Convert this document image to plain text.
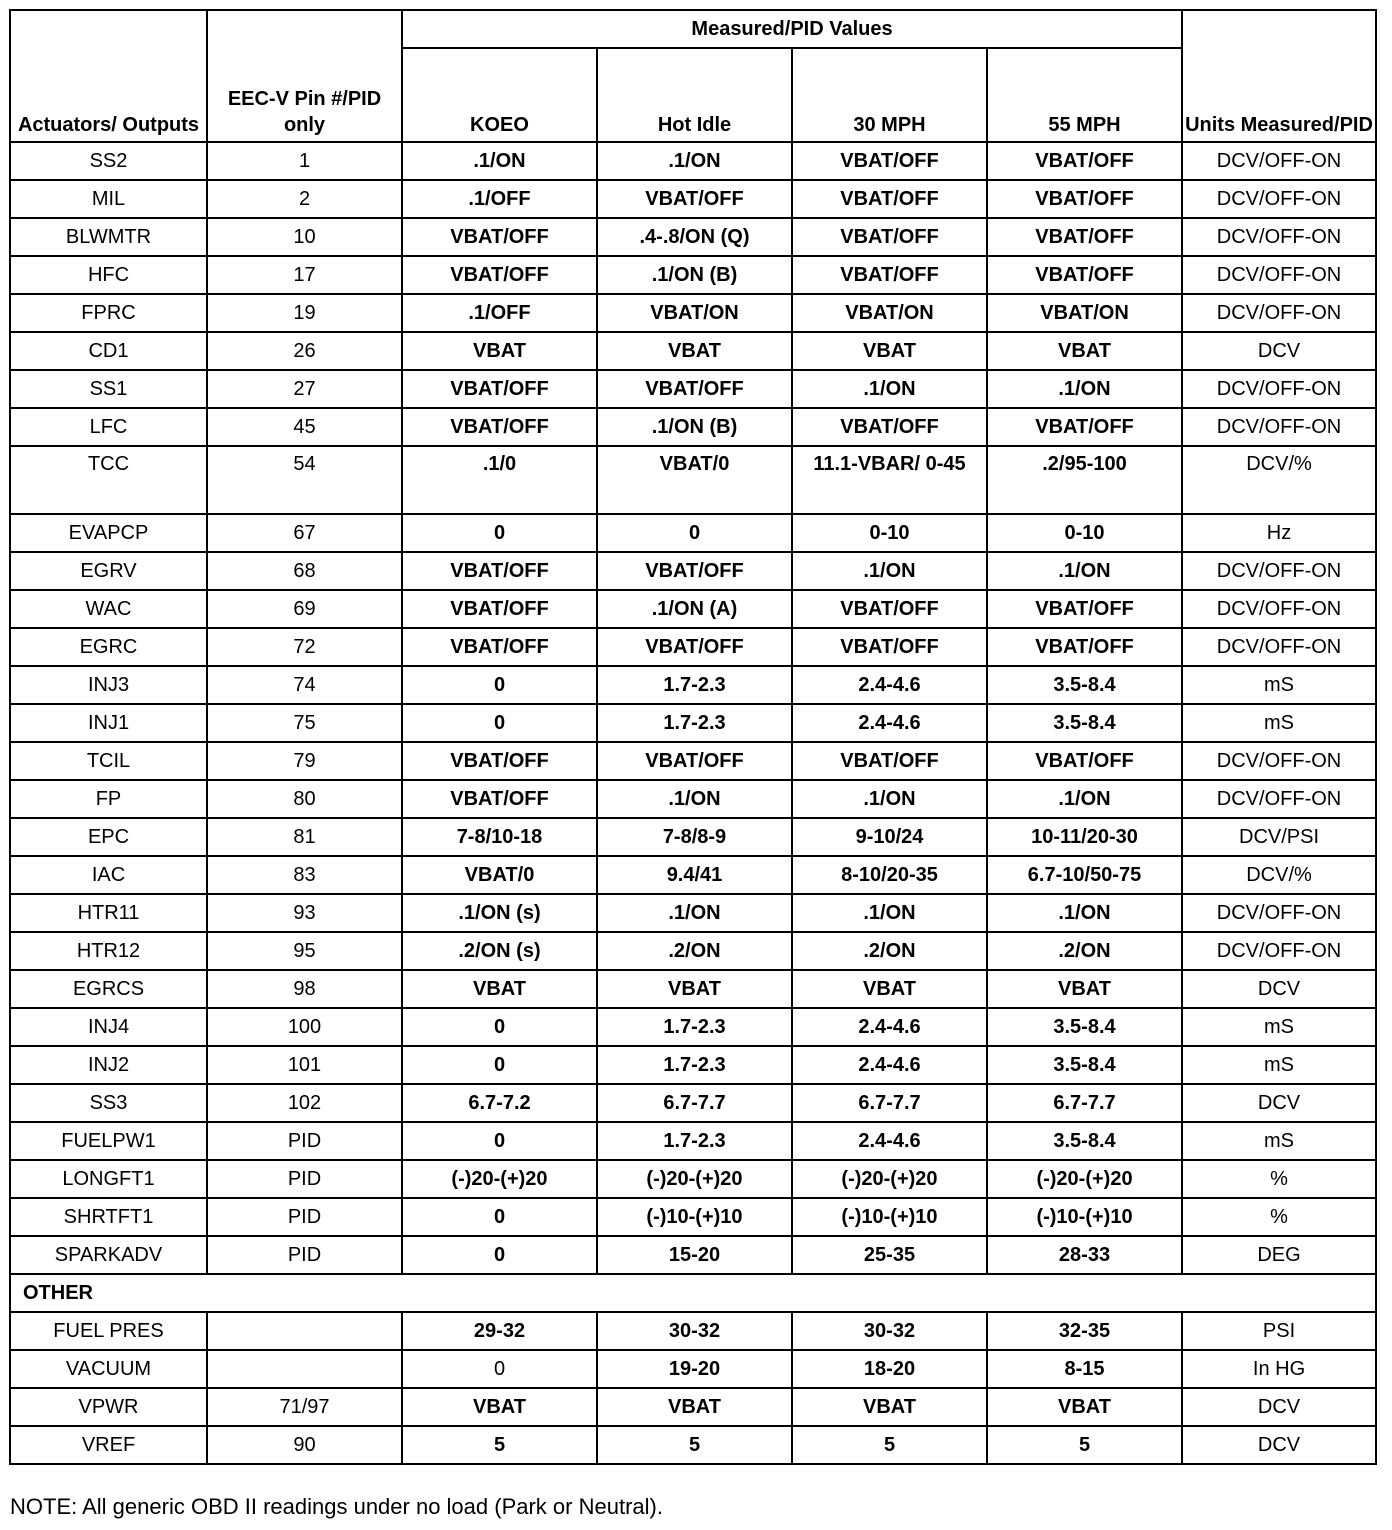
Actuators/ Outputs	EEC-V Pin #/PID only	Measured/PID Values				Units Measured/PID
		KOEO	Hot Idle	30 MPH	55 MPH	
SS2	1	.1/ON	.1/ON	VBAT/OFF	VBAT/OFF	DCV/OFF-ON
MIL	2	.1/OFF	VBAT/OFF	VBAT/OFF	VBAT/OFF	DCV/OFF-ON
BLWMTR	10	VBAT/OFF	.4-.8/ON (Q)	VBAT/OFF	VBAT/OFF	DCV/OFF-ON
HFC	17	VBAT/OFF	.1/ON (B)	VBAT/OFF	VBAT/OFF	DCV/OFF-ON
FPRC	19	.1/OFF	VBAT/ON	VBAT/ON	VBAT/ON	DCV/OFF-ON
CD1	26	VBAT	VBAT	VBAT	VBAT	DCV
SS1	27	VBAT/OFF	VBAT/OFF	.1/ON	.1/ON	DCV/OFF-ON
LFC	45	VBAT/OFF	.1/ON (B)	VBAT/OFF	VBAT/OFF	DCV/OFF-ON
TCC	54	.1/0	VBAT/0	11.1-VBAR/ 0-45	.2/95-100	DCV/%
EVAPCP	67	0	0	0-10	0-10	Hz
EGRV	68	VBAT/OFF	VBAT/OFF	.1/ON	.1/ON	DCV/OFF-ON
WAC	69	VBAT/OFF	.1/ON (A)	VBAT/OFF	VBAT/OFF	DCV/OFF-ON
EGRC	72	VBAT/OFF	VBAT/OFF	VBAT/OFF	VBAT/OFF	DCV/OFF-ON
INJ3	74	0	1.7-2.3	2.4-4.6	3.5-8.4	mS
INJ1	75	0	1.7-2.3	2.4-4.6	3.5-8.4	mS
TCIL	79	VBAT/OFF	VBAT/OFF	VBAT/OFF	VBAT/OFF	DCV/OFF-ON
FP	80	VBAT/OFF	.1/ON	.1/ON	.1/ON	DCV/OFF-ON
EPC	81	7-8/10-18	7-8/8-9	9-10/24	10-11/20-30	DCV/PSI
IAC	83	VBAT/0	9.4/41	8-10/20-35	6.7-10/50-75	DCV/%
HTR11	93	.1/ON (s)	.1/ON	.1/ON	.1/ON	DCV/OFF-ON
HTR12	95	.2/ON (s)	.2/ON	.2/ON	.2/ON	DCV/OFF-ON
EGRCS	98	VBAT	VBAT	VBAT	VBAT	DCV
INJ4	100	0	1.7-2.3	2.4-4.6	3.5-8.4	mS
INJ2	101	0	1.7-2.3	2.4-4.6	3.5-8.4	mS
SS3	102	6.7-7.2	6.7-7.7	6.7-7.7	6.7-7.7	DCV
FUELPW1	PID	0	1.7-2.3	2.4-4.6	3.5-8.4	mS
LONGFT1	PID	(-)20-(+)20	(-)20-(+)20	(-)20-(+)20	(-)20-(+)20	%
SHRTFT1	PID	0	(-)10-(+)10	(-)10-(+)10	(-)10-(+)10	%
SPARKADV	PID	0	15-20	25-35	28-33	DEG
OTHER						
FUEL PRES		29-32	30-32	30-32	32-35	PSI
VACUUM		0	19-20	18-20	8-15	In HG
VPWR	71/97	VBAT	VBAT	VBAT	VBAT	DCV
VREF	90	5	5	5	5	DCV
NOTE: All generic OBD II readings under no load (Park or Neutral).
